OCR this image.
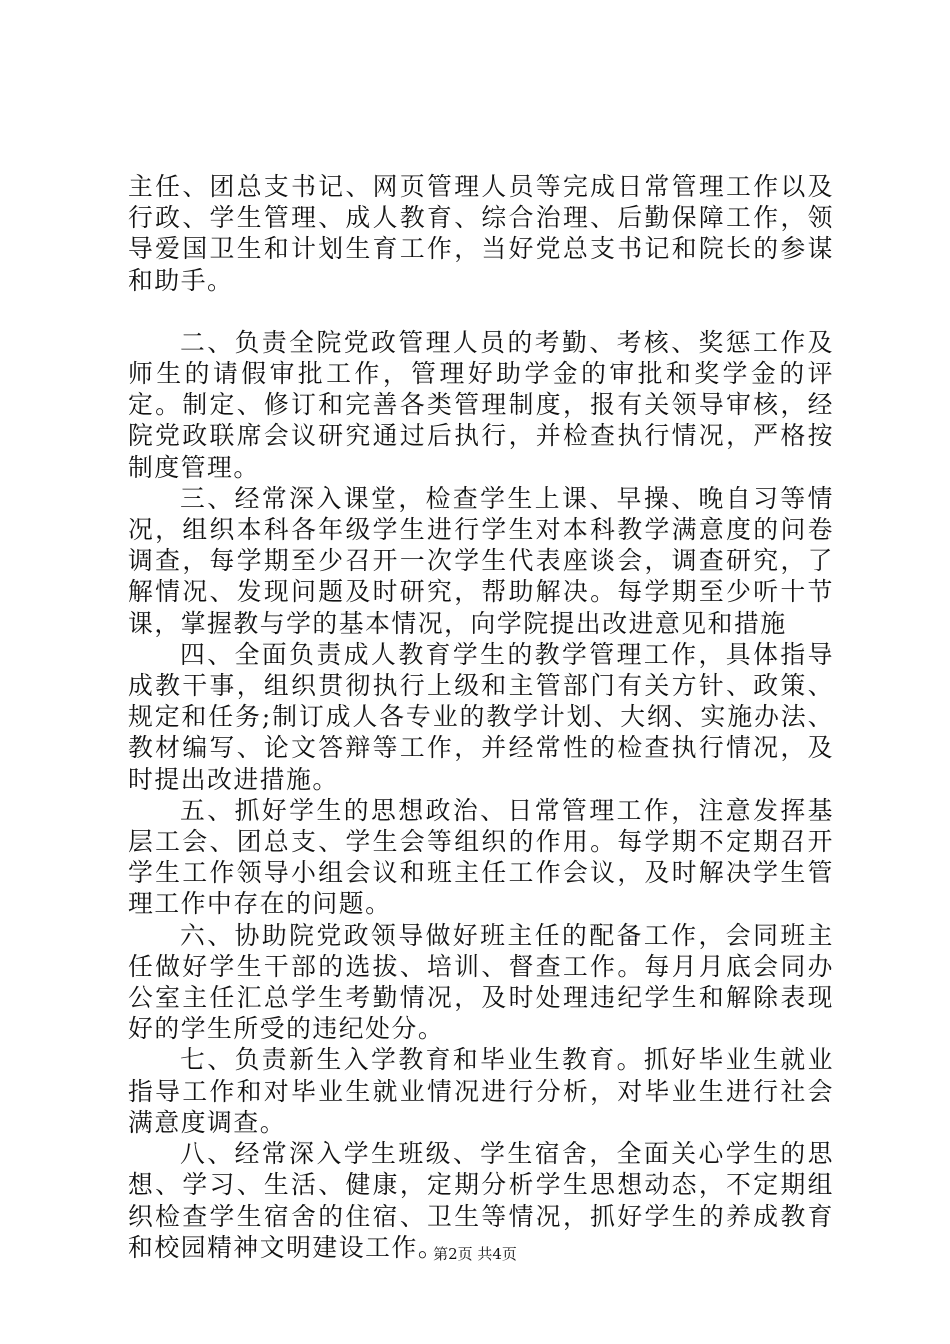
主任、团总支书记、网页管理人员等完成日常管理工作以及行政、学生管理、成人教育、综合治理、后勤保障工作，领导爱国卫生和计划生育工作，当好党总支书记和院长的参谋和助手。

二、负责全院党政管理人员的考勤、考核、奖惩工作及师生的请假审批工作，管理好助学金的审批和奖学金的评定。制定、修订和完善各类管理制度，报有关领导审核，经院党政联席会议研究通过后执行，并检查执行情况，严格按制度管理。

三、经常深入课堂，检查学生上课、早操、晚自习等情况，组织本科各年级学生进行学生对本科教学满意度的问卷调查，每学期至少召开一次学生代表座谈会，调查研究，了解情况、发现问题及时研究，帮助解决。每学期至少听十节课，掌握教与学的基本情况，向学院提出改进意见和措施

四、全面负责成人教育学生的教学管理工作，具体指导成教干事，组织贯彻执行上级和主管部门有关方针、政策、规定和任务;制订成人各专业的教学计划、大纲、实施办法、教材编写、论文答辩等工作，并经常性的检查执行情况，及时提出改进措施。

五、抓好学生的思想政治、日常管理工作，注意发挥基层工会、团总支、学生会等组织的作用。每学期不定期召开学生工作领导小组会议和班主任工作会议，及时解决学生管理工作中存在的问题。

六、协助院党政领导做好班主任的配备工作，会同班主任做好学生干部的选拔、培训、督查工作。每月月底会同办公室主任汇总学生考勤情况，及时处理违纪学生和解除表现好的学生所受的违纪处分。

七、负责新生入学教育和毕业生教育。抓好毕业生就业指导工作和对毕业生就业情况进行分析，对毕业生进行社会满意度调查。

八、经常深入学生班级、学生宿舍，全面关心学生的思想、学习、生活、健康，定期分析学生思想动态，不定期组织检查学生宿舍的住宿、卫生等情况，抓好学生的养成教育和校园精神文明建设工作。

第2页 共4页
